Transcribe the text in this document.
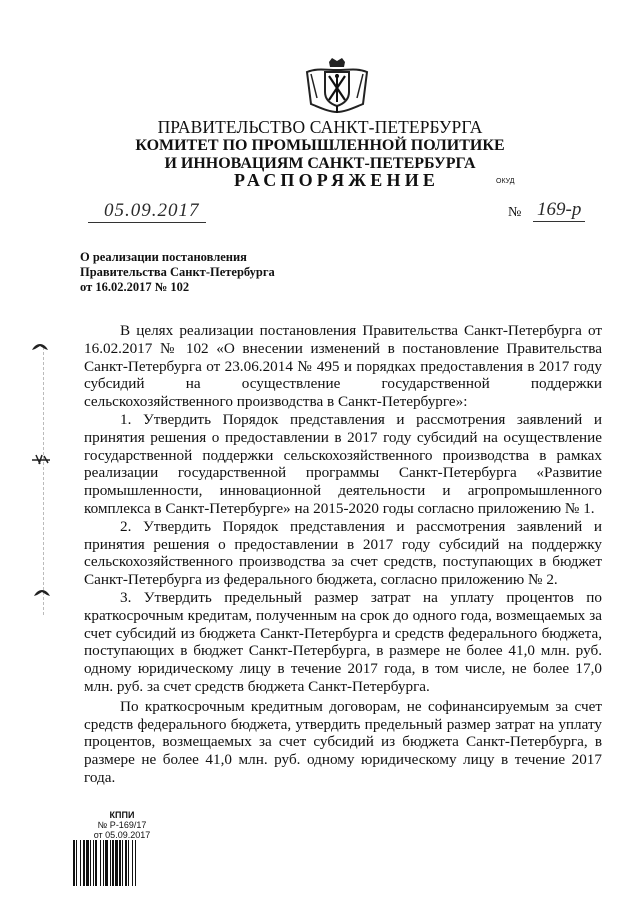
ПРАВИТЕЛЬСТВО САНКТ-ПЕТЕРБУРГА
КОМИТЕТ ПО ПРОМЫШЛЕННОЙ ПОЛИТИКЕ
И ИННОВАЦИЯМ САНКТ-ПЕТЕРБУРГА
РАСПОРЯЖЕНИЕ	ОКУД
05.09.2017	№ 169-р
О реализации постановления
Правительства Санкт-Петербурга
от 16.02.2017 № 102

В целях реализации постановления Правительства Санкт-Петербурга от 16.02.2017 № 102 «О внесении изменений в постановление Правительства Санкт-Петербурга от 23.06.2014 № 495 и порядках предоставления в 2017 году субсидий на осуществление государственной поддержки сельскохозяйственного производства в Санкт-Петербурге»:

1. Утвердить Порядок представления и рассмотрения заявлений и принятия решения о предоставлении в 2017 году субсидий на осуществление государственной поддержки сельскохозяйственного производства в рамках реализации государственной программы Санкт-Петербурга «Развитие промышленности, инновационной деятельности и агропромышленного комплекса в Санкт-Петербурге» на 2015-2020 годы согласно приложению № 1.

2. Утвердить Порядок представления и рассмотрения заявлений и принятия решения о предоставлении в 2017 году субсидий на поддержку сельскохозяйственного производства за счет средств, поступающих в бюджет Санкт-Петербурга из федерального бюджета, согласно приложению № 2.

3. Утвердить предельный размер затрат на уплату процентов по краткосрочным кредитам, полученным на срок до одного года, возмещаемых за счет субсидий из бюджета Санкт-Петербурга и средств федерального бюджета, поступающих в бюджет Санкт-Петербурга, в размере не более 41,0 млн. руб. одному юридическому лицу в течение 2017 года, в том числе, не более 17,0 млн. руб. за счет средств бюджета Санкт-Петербурга.

По краткосрочным кредитным договорам, не софинансируемым за счет средств федерального бюджета, утвердить предельный размер затрат на уплату процентов, возмещаемых за счет субсидий из бюджета Санкт-Петербурга, в размере не более 41,0 млн. руб. одному юридическому лицу в течение 2017 года.

КППИ
№ Р-169/17
от 05.09.2017
